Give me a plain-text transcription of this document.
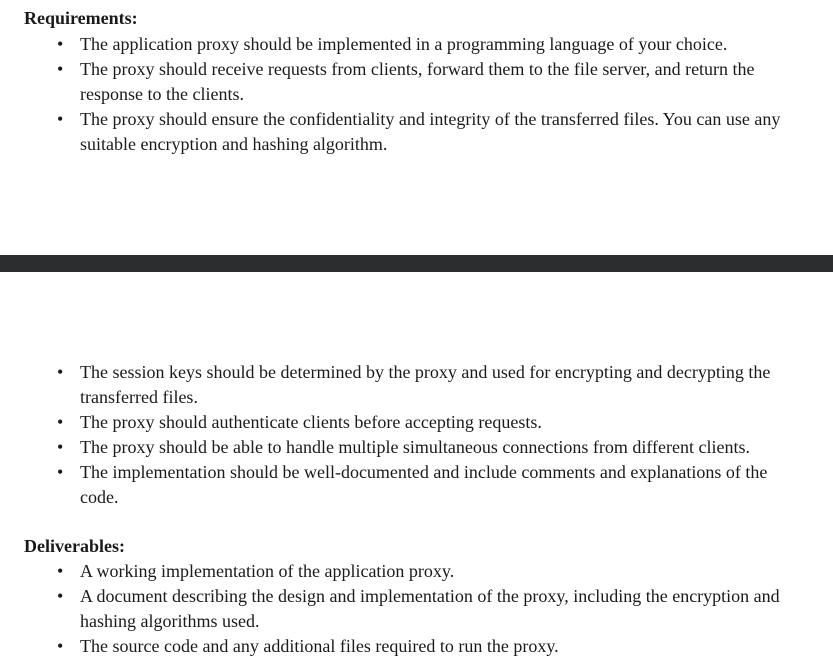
Requirements:
• The application proxy should be implemented in a programming language of your choice.
• The proxy should receive requests from clients, forward them to the file server, and return the response to the clients.
• The proxy should ensure the confidentiality and integrity of the transferred files. You can use any suitable encryption and hashing algorithm.
• The session keys should be determined by the proxy and used for encrypting and decrypting the transferred files.
• The proxy should authenticate clients before accepting requests.
• The proxy should be able to handle multiple simultaneous connections from different clients.
• The implementation should be well-documented and include comments and explanations of the code.
Deliverables:
• A working implementation of the application proxy.
• A document describing the design and implementation of the proxy, including the encryption and hashing algorithms used.
• The source code and any additional files required to run the proxy.
